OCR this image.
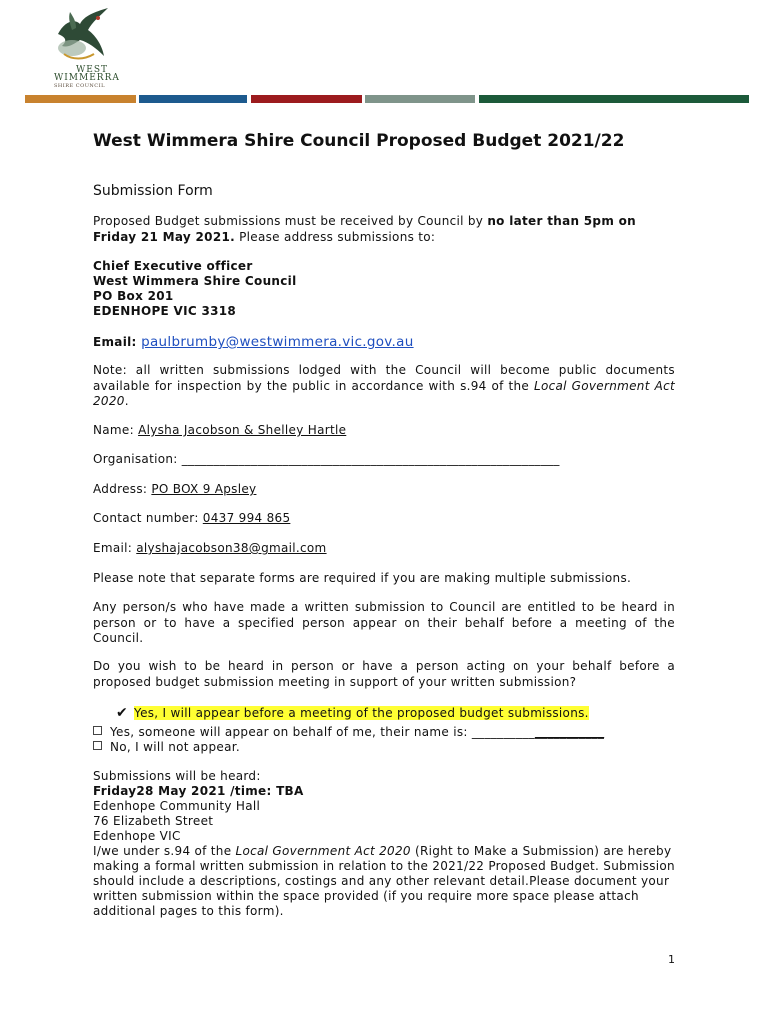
WEST
WIMMERRA
SHIRE COUNCIL
West Wimmera Shire Council Proposed Budget 2021/22
Submission Form
Proposed Budget submissions must be received by Council by no later than 5pm on Friday 21 May 2021. Please address submissions to:
Chief Executive officer
West Wimmera Shire Council
PO Box 201
EDENHOPE VIC 3318
Email: paulbrumby@westwimmera.vic.gov.au
Note: all written submissions lodged with the Council will become public documents available for inspection by the public in accordance with s.94 of the Local Government Act 2020.
Name: Alysha Jacobson & Shelley Hartle
Organisation: ____________________________________________________________
Address: PO BOX 9 Apsley
Contact number: 0437 994 865
Email: alyshajacobson38@gmail.com
Please note that separate forms are required if you are making multiple submissions.
Any person/s who have made a written submission to Council are entitled to be heard in person or to have a specified person appear on their behalf before a meeting of the Council.
Do you wish to be heard in person or have a person acting on your behalf before a proposed budget submission meeting in support of your written submission?
✔ Yes, I will appear before a meeting of the proposed budget submissions.
Yes, someone will appear on behalf of me, their name is: _____________________
No, I will not appear.
Submissions will be heard:
Friday28 May 2021 /time: TBA
Edenhope Community Hall
76 Elizabeth Street
Edenhope VIC
I/we under s.94 of the Local Government Act 2020 (Right to Make a Submission) are hereby making a formal written submission in relation to the 2021/22 Proposed Budget. Submission should include a descriptions, costings and any other relevant detail.Please document your written submission within the space provided (if you require more space please attach additional pages to this form).
1
